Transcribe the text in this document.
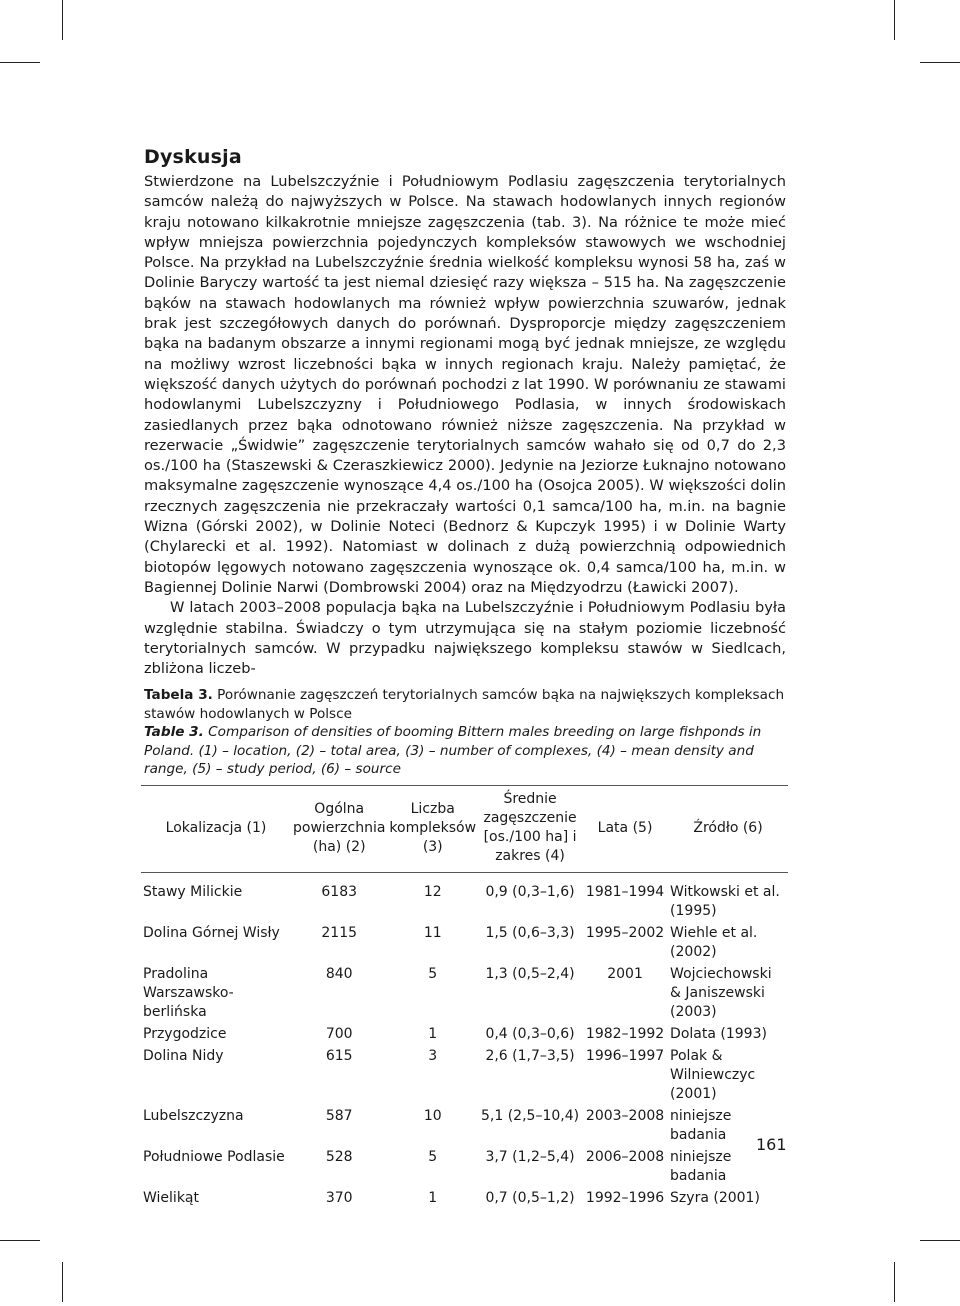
Dyskusja

Stwierdzone na Lubelszczyźnie i Południowym Podlasiu zagęszczenia terytorialnych samców należą do najwyższych w Polsce. Na stawach hodowlanych innych regionów kraju notowano kilkakrotnie mniejsze zagęszczenia (tab. 3). Na różnice te może mieć wpływ mniejsza powierzchnia pojedynczych kompleksów stawowych we wschodniej Polsce. Na przykład na Lubelszczyźnie średnia wielkość kompleksu wynosi 58 ha, zaś w Dolinie Baryczy wartość ta jest niemal dziesięć razy większa – 515 ha. Na zagęszczenie bąków na stawach hodowlanych ma również wpływ powierzchnia szuwarów, jednak brak jest szczegółowych danych do porównań. Dysproporcje między zagęszczeniem bąka na badanym obszarze a innymi regionami mogą być jednak mniejsze, ze względu na możliwy wzrost liczebności bąka w innych regionach kraju. Należy pamiętać, że większość danych użytych do porównań pochodzi z lat 1990. W porównaniu ze stawami hodowlanymi Lubelszczyzny i Południowego Podlasia, w innych środowiskach zasiedlanych przez bąka odnotowano również niższe zagęszczenia. Na przykład w rezerwacie „Świdwie” zagęszczenie terytorialnych samców wahało się od 0,7 do 2,3 os./100 ha (Staszewski & Czeraszkiewicz 2000). Jedynie na Jeziorze Łuknajno notowano maksymalne zagęszczenie wynoszące 4,4 os./100 ha (Osojca 2005). W większości dolin rzecznych zagęszczenia nie przekraczały wartości 0,1 samca/100 ha, m.in. na bagnie Wizna (Górski 2002), w Dolinie Noteci (Bednorz & Kupczyk 1995) i w Dolinie Warty (Chylarecki et al. 1992). Natomiast w dolinach z dużą powierzchnią odpowiednich biotopów lęgowych notowano zagęszczenia wynoszące ok. 0,4 samca/100 ha, m.in. w Bagiennej Dolinie Narwi (Dombrowski 2004) oraz na Międzyodrzu (Ławicki 2007).

W latach 2003–2008 populacja bąka na Lubelszczyźnie i Południowym Podlasiu była względnie stabilna. Świadczy o tym utrzymująca się na stałym poziomie liczebność terytorialnych samców. W przypadku największego kompleksu stawów w Siedlcach, zbliżona liczeb-

Tabela 3. Porównanie zagęszczeń terytorialnych samców bąka na największych kompleksach stawów hodowlanych w Polsce

Table 3. Comparison of densities of booming Bittern males breeding on large fishponds in Poland. (1) – location, (2) – total area, (3) – number of complexes, (4) – mean density and range, (5) – study period, (6) – source

Lokalizacja (1)	Ogólna powierzchnia (ha) (2)	Liczba kompleksów (3)	Średnie zagęszczenie [os./100 ha] i zakres (4)	Lata (5)	Źródło (6)

Stawy Milickie	6183	12	0,9 (0,3–1,6)	1981–1994	Witkowski et al. (1995)
Dolina Górnej Wisły	2115	11	1,5 (0,6–3,3)	1995–2002	Wiehle et al. (2002)
Pradolina Warszawsko-berlińska	840	5	1,3 (0,5–2,4)	2001	Wojciechowski & Janiszewski (2003)
Przygodzice	700	1	0,4 (0,3–0,6)	1982–1992	Dolata (1993)
Dolina Nidy	615	3	2,6 (1,7–3,5)	1996–1997	Polak & Wilniewczyc (2001)
Lubelszczyzna	587	10	5,1 (2,5–10,4)	2003–2008	niniejsze badania
Południowe Podlasie	528	5	3,7 (1,2–5,4)	2006–2008	niniejsze badania
Wielikąt	370	1	0,7 (0,5–1,2)	1992–1996	Szyra (2001)
161
